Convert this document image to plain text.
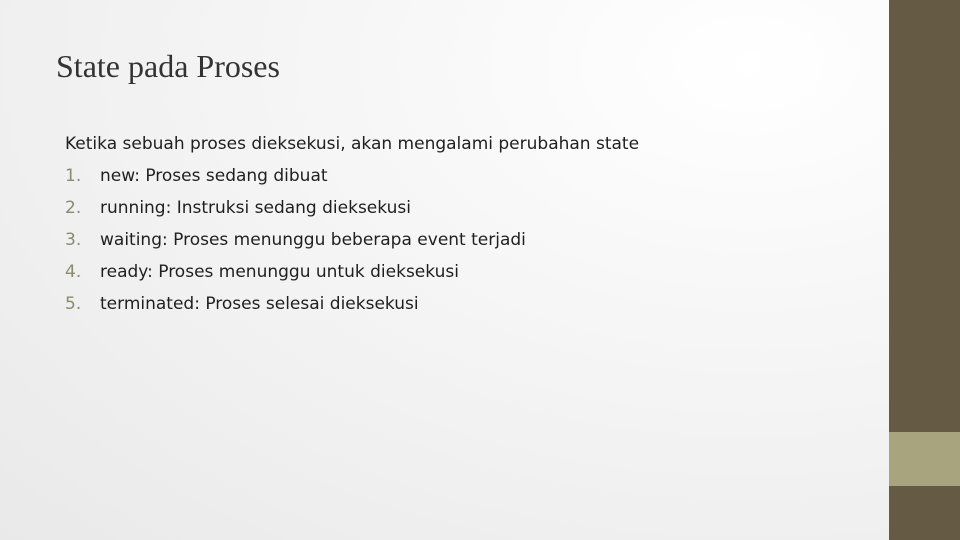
State pada Proses
Ketika sebuah proses dieksekusi, akan mengalami perubahan state
1. new: Proses sedang dibuat
2. running: Instruksi sedang dieksekusi
3. waiting: Proses menunggu beberapa event terjadi
4. ready: Proses menunggu untuk dieksekusi
5. terminated: Proses selesai dieksekusi
